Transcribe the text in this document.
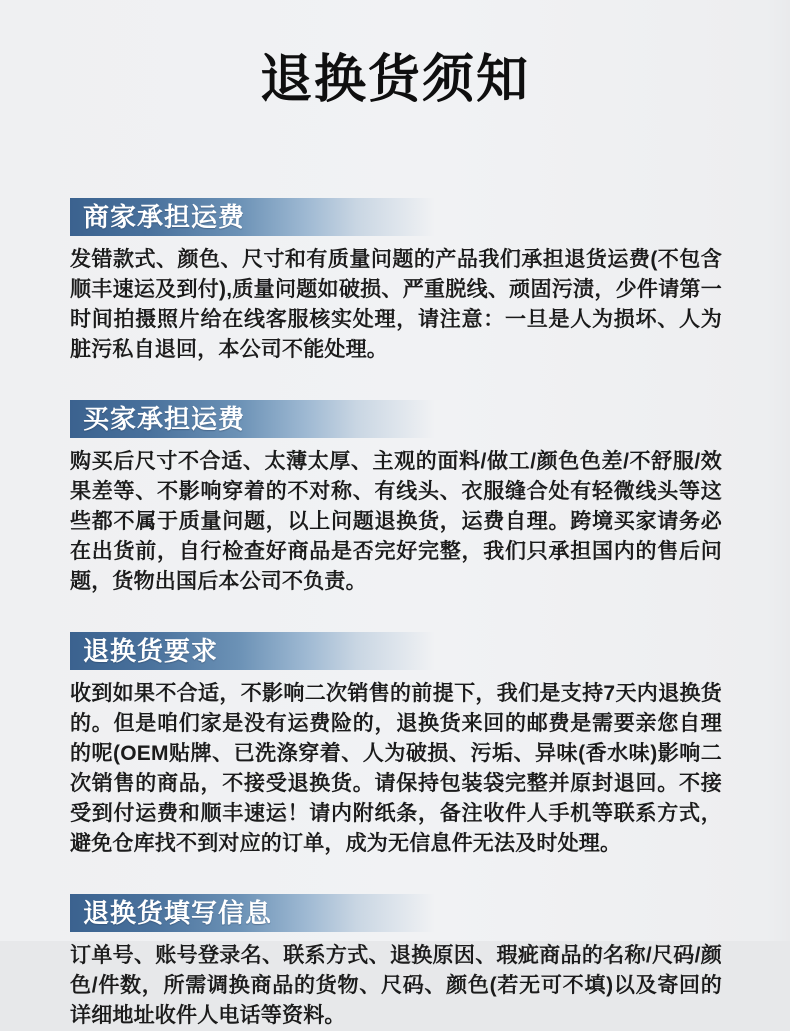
退换货须知
商家承担运费
发错款式、颜色、尺寸和有质量问题的产品我们承担退货运费(不包含顺丰速运及到付),质量问题如破损、严重脱线、顽固污渍，少件请第一时间拍摄照片给在线客服核实处理，请注意：一旦是人为损坏、人为脏污私自退回，本公司不能处理。
买家承担运费
购买后尺寸不合适、太薄太厚、主观的面料/做工/颜色色差/不舒服/效果差等、不影响穿着的不对称、有线头、衣服缝合处有轻微线头等这些都不属于质量问题，以上问题退换货，运费自理。跨境买家请务必在出货前，自行检查好商品是否完好完整，我们只承担国内的售后问题，货物出国后本公司不负责。
退换货要求
收到如果不合适，不影响二次销售的前提下，我们是支持7天内退换货的。但是咱们家是没有运费险的，退换货来回的邮费是需要亲您自理的呢(OEM贴牌、已洗涤穿着、人为破损、污垢、异味(香水味)影响二次销售的商品，不接受退换货。请保持包装袋完整并原封退回。不接受到付运费和顺丰速运！请内附纸条，备注收件人手机等联系方式，避免仓库找不到对应的订单，成为无信息件无法及时处理。
退换货填写信息
订单号、账号登录名、联系方式、退换原因、瑕疵商品的名称/尺码/颜色/件数，所需调换商品的货物、尺码、颜色(若无可不填)以及寄回的详细地址收件人电话等资料。
